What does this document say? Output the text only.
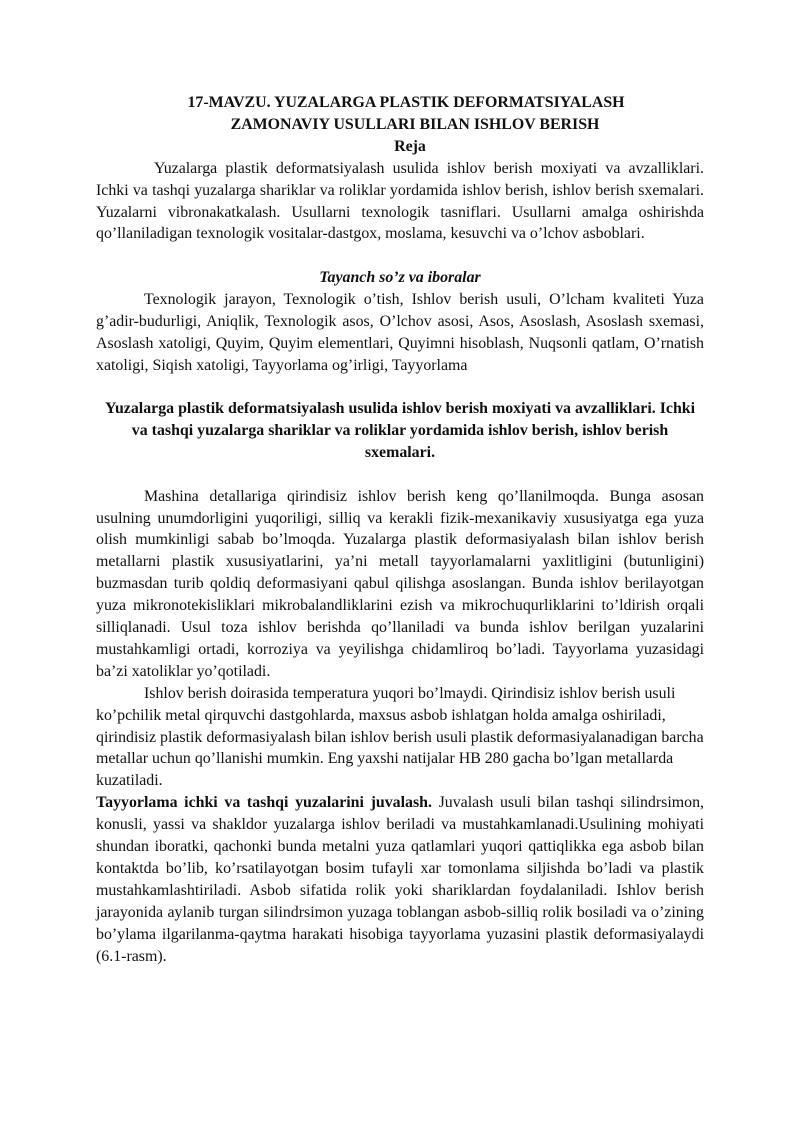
17-MAVZU. YUZALARGA PLASTIK DEFORMATSIYALASH

ZAMONAVIY USULLARI BILAN ISHLOV BERISH

Reja

Yuzalarga plastik deformatsiyalash usulida ishlov berish moxiyati va avzalliklari. Ichki va tashqi yuzalarga shariklar va roliklar yordamida ishlov berish, ishlov berish sxemalari. Yuzalarni vibronakatkalash. Usullarni texnologik tasniflari. Usullarni amalga oshirishda qo’llaniladigan texnologik vositalar-dastgox, moslama, kesuvchi va o’lchov asboblari.

Tayanch so’z va iboralar

Texnologik jarayon, Texnologik o’tish, Ishlov berish usuli, O’lcham kvaliteti Yuza g’adir-budurligi, Aniqlik, Texnologik asos, O’lchov asosi, Asos, Asoslash, Asoslash sxemasi, Asoslash xatoligi, Quyim, Quyim elementlari, Quyimni hisoblash, Nuqsonli qatlam, O’rnatish xatoligi, Siqish xatoligi, Tayyorlama og’irligi, Tayyorlama

Yuzalarga plastik deformatsiyalash usulida ishlov berish moxiyati va avzalliklari. Ichki va tashqi yuzalarga shariklar va roliklar yordamida ishlov berish, ishlov berish sxemalari.

Mashina detallariga qirindisiz ishlov berish keng qo’llanilmoqda. Bunga asosan usulning unumdorligini yuqoriligi, silliq va kerakli fizik-mexanikaviy xususiyatga ega yuza olish mumkinligi sabab bo’lmoqda. Yuzalarga plastik deformasiyalash bilan ishlov berish metallarni plastik xususiyatlarini, ya’ni metall tayyorlamalarni yaxlitligini (butunligini) buzmasdan turib qoldiq deformasiyani qabul qilishga asoslangan. Bunda ishlov berilayotgan yuza mikronotekisliklari mikrobalandliklarini ezish va mikrochuqurliklarini to’ldirish orqali silliqlanadi. Usul toza ishlov berishda qo’llaniladi va bunda ishlov berilgan yuzalarini mustahkamligi ortadi, korroziya va yeyilishga chidamliroq bo’ladi. Tayyorlama yuzasidagi ba’zi xatoliklar yo’qotiladi.

Ishlov berish doirasida temperatura yuqori bo’lmaydi. Qirindisiz ishlov berish usuli ko’pchilik metal qirquvchi dastgohlarda, maxsus asbob ishlatgan holda amalga oshiriladi, qirindisiz plastik deformasiyalash bilan ishlov berish usuli plastik deformasiyalanadigan barcha metallar uchun qo’llanishi mumkin. Eng yaxshi natijalar HB 280 gacha bo’lgan metallarda kuzatiladi.

Tayyorlama ichki va tashqi yuzalarini juvalash. Juvalash usuli bilan tashqi silindrsimon, konusli, yassi va shakldor yuzalarga ishlov beriladi va mustahkamlanadi.Usulining mohiyati shundan iboratki, qachonki bunda metalni yuza qatlamlari yuqori qattiqlikka ega asbob bilan kontaktda bo’lib, ko’rsatilayotgan bosim tufayli xar tomonlama siljishda bo’ladi va plastik mustahkamlashtiriladi. Asbob sifatida rolik yoki shariklardan foydalaniladi. Ishlov berish jarayonida aylanib turgan silindrsimon yuzaga toblangan asbob-silliq rolik bosiladi va o’zining bo’ylama ilgarilanma-qaytma harakati hisobiga tayyorlama yuzasini plastik deformasiyalaydi (6.1-rasm).
